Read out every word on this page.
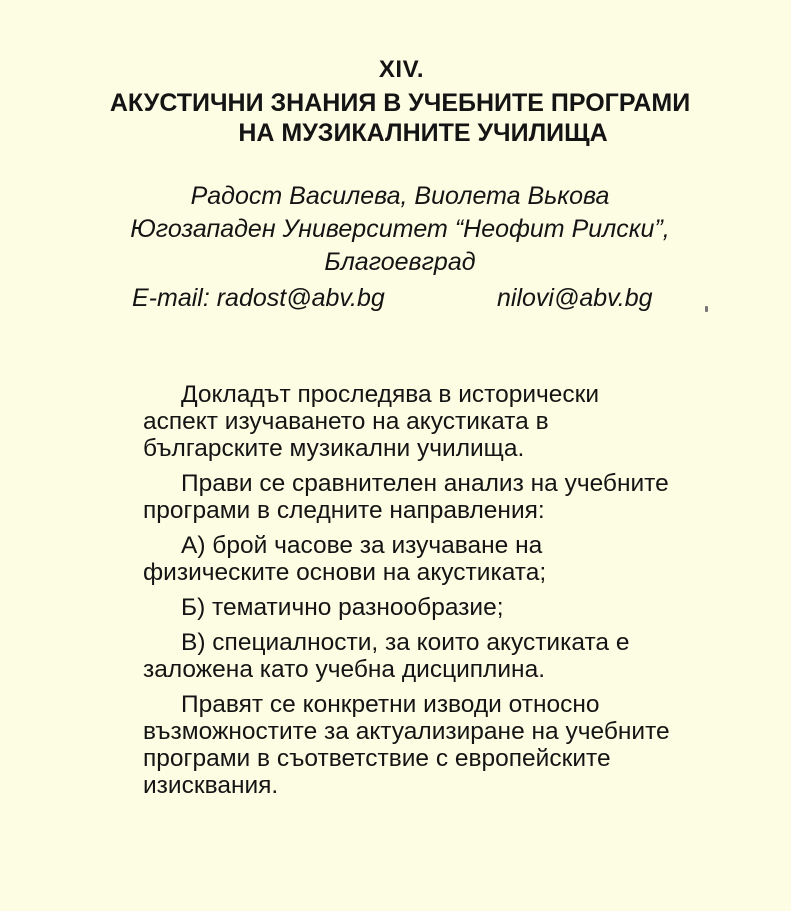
XIV.
АКУСТИЧНИ ЗНАНИЯ В УЧЕБНИТЕ ПРОГРАМИ
НА МУЗИКАЛНИТЕ УЧИЛИЩА
Радост Василева, Виолета Вькова
Югозападен Университет “Неофит Рилски”,
Благоевград
E-mail: radost@abv.bg	nilovi@abv.bg

Докладът проследява в исторически
аспект изучаването на акустиката в
българските музикални училища.

Прави се сравнителен анализ на учебните
програми в следните направления:

А) брой часове за изучаване на
физическите основи на акустиката;

Б) тематично разнообразие;

В) специалности, за които акустиката е
заложена като учебна дисциплина.

Правят се конкретни изводи относно
възможностите за актуализиране на учебните
програми в съответствие с европейските
изисквания.
